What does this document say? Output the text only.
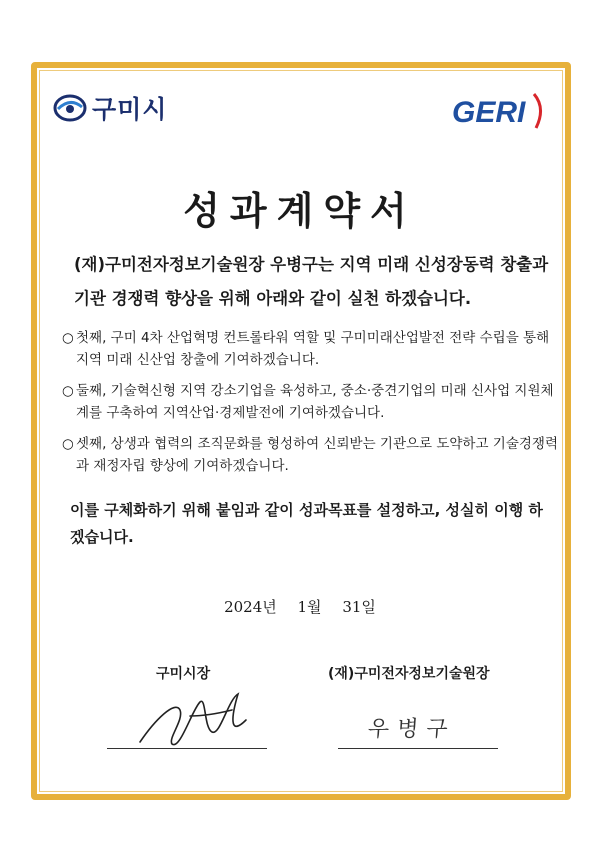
구미시	GERI
성과계약서

(재)구미전자정보기술원장 우병구는 지역 미래 신성장동력 창출과 기관 경쟁력 향상을 위해 아래와 같이 실천 하겠습니다.

○ 첫째, 구미 4차 산업혁명 컨트롤타워 역할 및 구미미래산업발전 전략 수립을 통해 지역 미래 신산업 창출에 기여하겠습니다.
○ 둘째, 기술혁신형 지역 강소기업을 육성하고, 중소·중견기업의 미래 신사업 지원체계를 구축하여 지역산업·경제발전에 기여하겠습니다.
○ 셋째, 상생과 협력의 조직문화를 형성하여 신뢰받는 기관으로 도약하고 기술경쟁력과 재정자립 향상에 기여하겠습니다.

이를 구체화하기 위해 붙임과 같이 성과목표를 설정하고, 성실히 이행 하겠습니다.

2024년 1월 31일
구미시장	(재)구미전자정보기술원장
우병구
